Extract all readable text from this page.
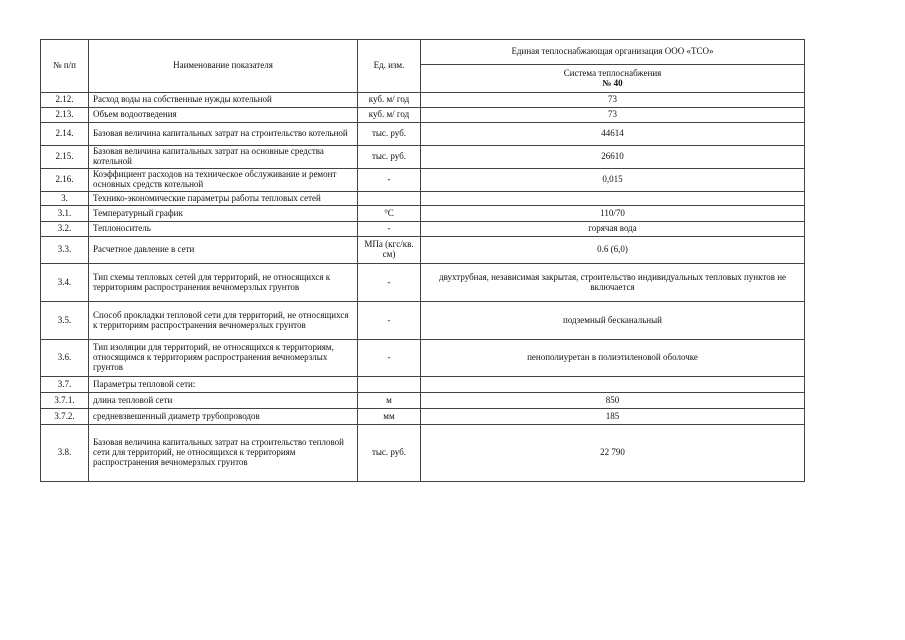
№ п/п	Наименование показателя	Ед. изм.	Единая теплоснабжающая организация ООО «ТСО»

			Система теплоснабжения
№ 40

2.12.	Расход воды на собственные нужды котельной	куб. м/ год	73
2.13.	Объем водоотведения	куб. м/ год	73
2.14.	Базовая величина капитальных затрат на строительство котельной	тыс. руб.	44614
2.15.	Базовая величина капитальных затрат на основные средства котельной	тыс. руб.	26610
2.16.	Коэффициент расходов на техническое обслуживание и ремонт основных средств котельной	-	0,015
3.	Технико-экономические параметры работы тепловых сетей		
3.1.	Температурный график	°С	110/70
3.2.	Теплоноситель	-	горячая вода
3.3.	Расчетное давление в сети	МПа (кгс/кв. см)	0.6 (6,0)
3.4.	Тип схемы тепловых сетей для территорий, не относящихся к территориям распространения вечномерзлых грунтов	-	двухтрубная, независимая закрытая, строительство индивидуальных тепловых пунктов не включается
3.5.	Способ прокладки тепловой сети для территорий, не относящихся к территориям распространения вечномерзлых грунтов	-	подземный бесканальный
3.6.	Тип изоляции для территорий, не относящихся к территориям, относящимся к территориям распространения вечномерзлых грунтов	-	пенополиуретан в полиэтиленовой оболочке
3.7.	Параметры тепловой сети:		
3.7.1.	длина тепловой сети	м	850
3.7.2.	средневзвешенный диаметр трубопроводов	мм	185
3.8.	Базовая величина капитальных затрат на строительство тепловой сети для территорий, не относящихся к территориям распространения вечномерзлых грунтов	тыс. руб.	22 790
